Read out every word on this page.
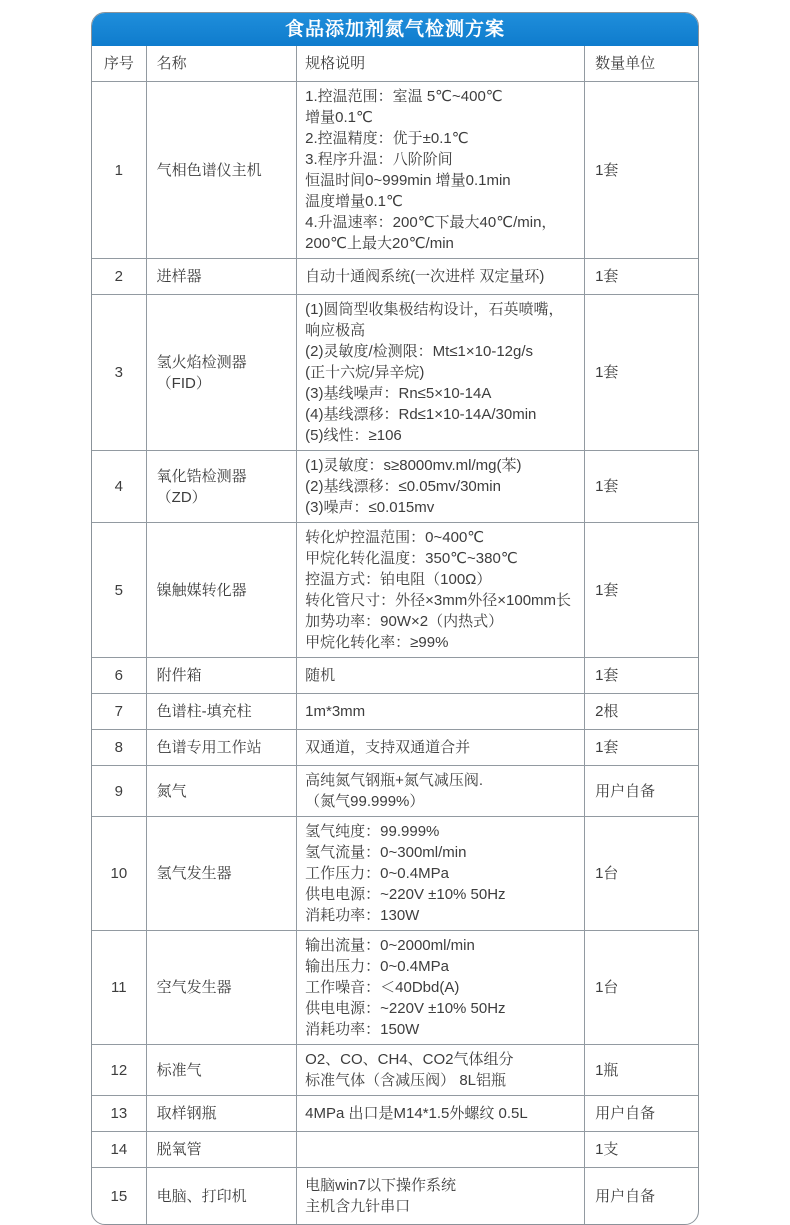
食品添加剂氮气检测方案
序号	名称	规格说明	数量单位
1	气相色谱仪主机	1.控温范围：室温 5℃~400℃
增量0.1℃
2.控温精度：优于±0.1℃
3.程序升温：八阶阶间
恒温时间0~999min 增量0.1min
温度增量0.1℃
4.升温速率：200℃下最大40℃/min，
200℃上最大20℃/min	1套
2	进样器	自动十通阀系统(一次进样 双定量环)	1套
3	氢火焰检测器（FID）	(1)圆筒型收集极结构设计，石英喷嘴，
响应极高
(2)灵敏度/检测限：Mt≤1×10-12g/s
(正十六烷/异辛烷)
(3)基线噪声：Rn≤5×10-14A
(4)基线漂移：Rd≤1×10-14A/30min
(5)线性：≥106	1套
4	氧化锆检测器（ZD）	(1)灵敏度：s≥8000mv.ml/mg(苯)
(2)基线漂移：≤0.05mv/30min
(3)噪声：≤0.015mv	1套
5	镍触媒转化器	转化炉控温范围：0~400℃
甲烷化转化温度：350℃~380℃
控温方式：铂电阻（100Ω）
转化管尺寸：外径×3mm外径×100mm长
加势功率：90W×2（内热式）
甲烷化转化率：≥99%	1套
6	附件箱	随机	1套
7	色谱柱-填充柱	1m*3mm	2根
8	色谱专用工作站	双通道，支持双通道合并	1套
9	氮气	高纯氮气钢瓶+氮气减压阀.
（氮气99.999%）	用户自备
10	氢气发生器	氢气纯度：99.999%
氢气流量：0~300ml/min
工作压力：0~0.4MPa
供电电源：~220V ±10% 50Hz
消耗功率：130W	1台
11	空气发生器	输出流量：0~2000ml/min
输出压力：0~0.4MPa
工作噪音：＜40Dbd(A)
供电电源：~220V ±10% 50Hz
消耗功率：150W	1台
12	标准气	O2、CO、CH4、CO2气体组分
标准气体（含减压阀） 8L铝瓶	1瓶
13	取样钢瓶	4MPa 出口是M14*1.5外螺纹 0.5L	用户自备
14	脱氧管		1支
15	电脑、打印机	电脑win7以下操作系统
主机含九针串口	用户自备
